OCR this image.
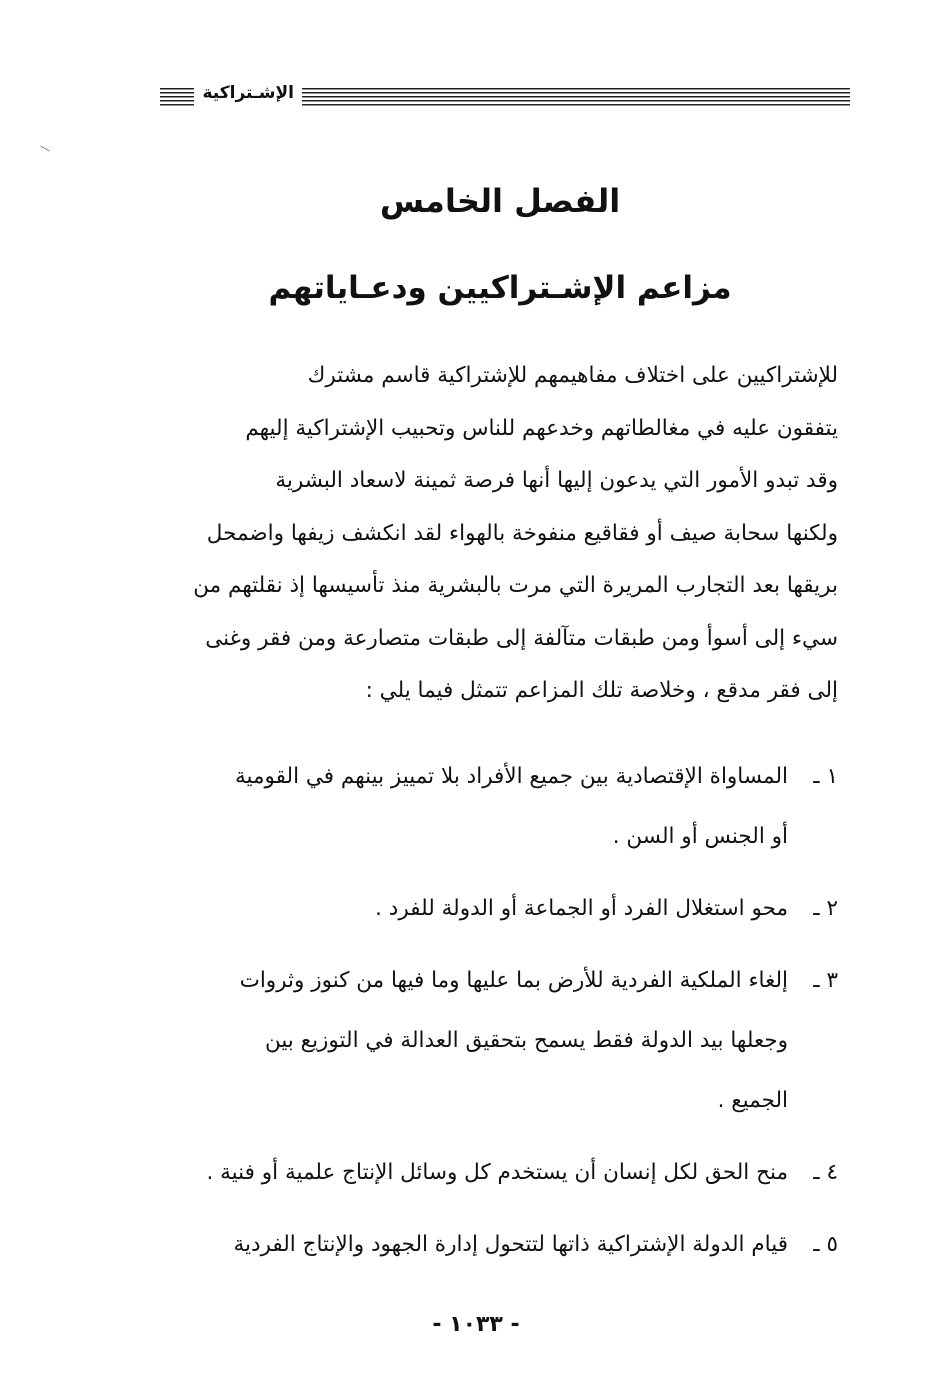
الإشـتراكية
الفصل الخامس
مزاعم الإشـتراكيين ودعـاياتهم

للإشتراكيين على اختلاف مفاهيمهم للإشتراكية قاسم مشترك
يتفقون عليه في مغالطاتهم وخدعهم للناس وتحبيب الإشتراكية إليهم
وقد تبدو الأمور التي يدعون إليها أنها فرصة ثمينة لاسعاد البشرية
ولكنها سحابة صيف أو فقاقيع منفوخة بالهواء لقد انكشف زيفها واضمحل
بريقها بعد التجارب المريرة التي مرت بالبشرية منذ تأسيسها إذ نقلتهم من
سيء إلى أسوأ ومن طبقات متآلفة إلى طبقات متصارعة ومن فقر وغنى
إلى فقر مدقع ، وخلاصة تلك المزاعم تتمثل فيما يلي :

١ ـ
المساواة الإقتصادية بين جميع الأفراد بلا تمييز بينهم في القومية
أو الجنس أو السن .
٢ ـ
محو استغلال الفرد أو الجماعة أو الدولة للفرد .
٣ ـ
إلغاء الملكية الفردية للأرض بما عليها وما فيها من كنوز وثروات
وجعلها بيد الدولة فقط يسمح بتحقيق العدالة في التوزيع بين
الجميع .
٤ ـ
منح الحق لكل إنسان أن يستخدم كل وسائل الإنتاج علمية أو فنية .
٥ ـ
قيام الدولة الإشتراكية ذاتها لتتحول إدارة الجهود والإنتاج الفردية
- ١٠٣٣ -
